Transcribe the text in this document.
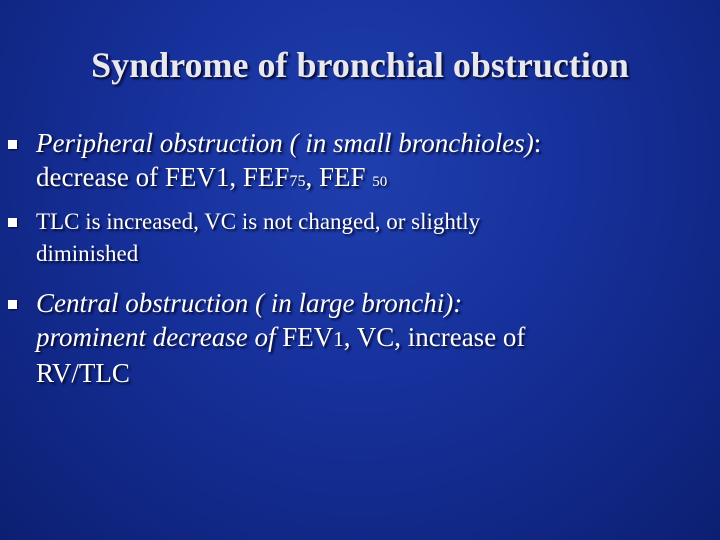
Syndrome of bronchial obstruction
Peripheral obstruction ( in small bronchioles):
decrease of FEV1, FEF75, FEF 50
TLC is increased, VC is not changed, or slightly
diminished
Central obstruction ( in large bronchi):
prominent decrease of FEV1, VC, increase of
RV/TLC
